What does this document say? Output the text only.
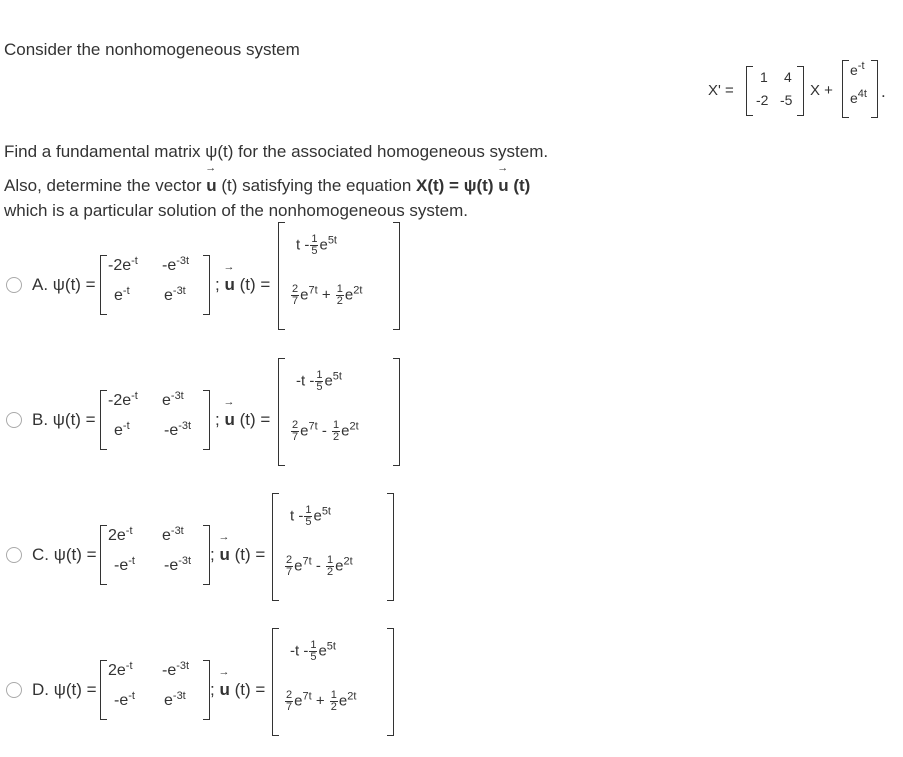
Consider the nonhomogeneous system
X' =
1 4
-2 -5
X +
$e^{-t}$
$e^{4t}$ .
Find a fundamental matrix ψ(t) for the associated homogeneous system.
Also, determine the vector → u (t) satisfying the equation X(t) = ψ(t) → u (t)
which is a particular solution of the nonhomogeneous system.
A. ψ(t) =
$-2e^{-t}$ $-e^{-3t}$
$e^{-t}$ $e^{-3t}$ ; → u (t) =
t - $\frac{1}{5} e^{5t}$
$\frac{2}{7} e^{7t} + \frac{1}{2} e^{2t}$
B. ψ(t) =
$-2e^{-t}$ $e^{-3t}$
$e^{-t}$ $-e^{-3t}$ ; → u (t) =
$-t - \frac{1}{5} e^{5t}$
$\frac{2}{7} e^{7t} - \frac{1}{2} e^{2t}$
C. ψ(t) =
$2e^{-t}$ $e^{-3t}$
$-e^{-t}$ $-e^{-3t}$ ; → u (t) =
t - $\frac{1}{5} e^{5t}$
$\frac{2}{7} e^{7t} - \frac{1}{2} e^{2t}$
D. ψ(t) =
$2e^{-t}$ $-e^{-3t}$
$-e^{-t}$ $e^{-3t}$ ; → u (t) =
$-t - \frac{1}{5} e^{5t}$
$\frac{2}{7} e^{7t} + \frac{1}{2} e^{2t}$
